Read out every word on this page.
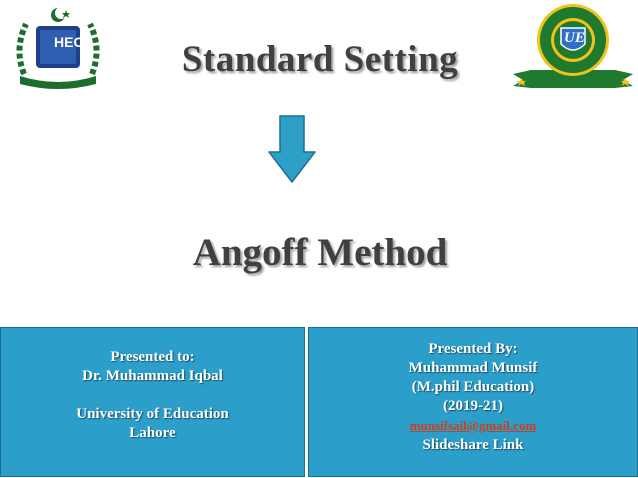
HEC	UE
Standard Setting
Angoff Method
Presented to:
Dr. Muhammad Iqbal
University of Education
Lahore
Presented By:
Muhammad Munsif
(M.phil Education)
(2019-21)
munsifsail@gmail.com
Slideshare Link
